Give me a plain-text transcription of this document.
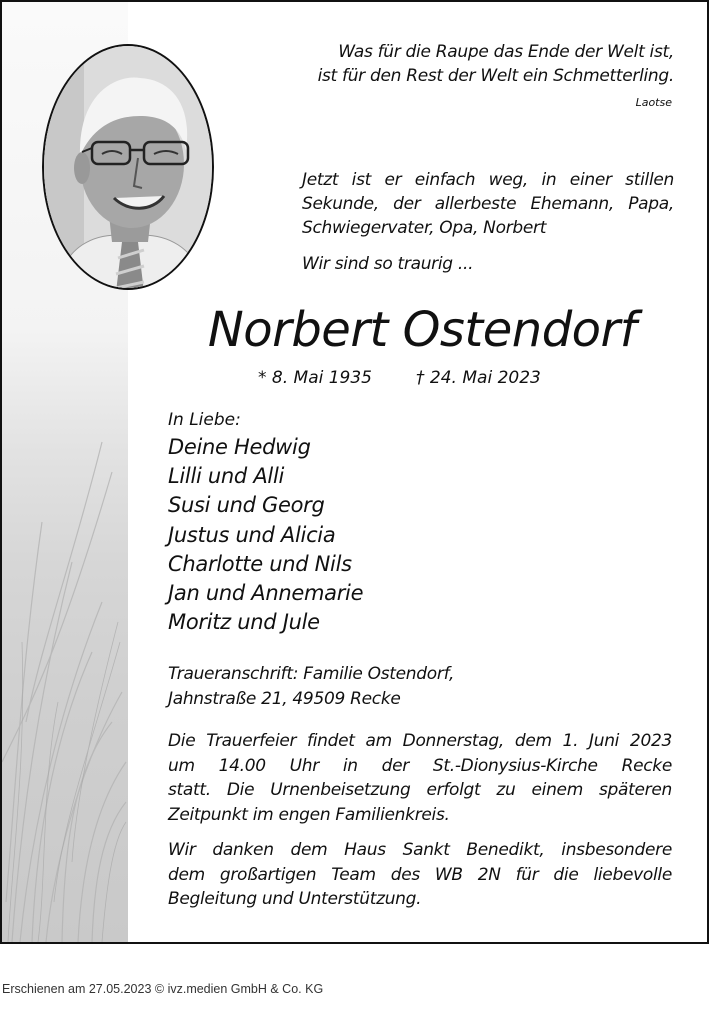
Was für die Raupe das Ende der Welt ist,
ist für den Rest der Welt ein Schmetterling.
Laotse
Jetzt ist er einfach weg, in einer stillen
Sekunde, der allerbeste Ehemann, Papa,
Schwiegervater, Opa, Norbert
Wir sind so traurig ...
Norbert Ostendorf
* 8. Mai 1935	† 24. Mai 2023
In Liebe:
Deine Hedwig
Lilli und Alli
Susi und Georg
Justus und Alicia
Charlotte und Nils
Jan und Annemarie
Moritz und Jule
Traueranschrift: Familie Ostendorf,
Jahnstraße 21, 49509 Recke
Die Trauerfeier findet am Donnerstag, dem 1. Juni 2023
um 14.00 Uhr in der St.-Dionysius-Kirche Recke
statt. Die Urnenbeisetzung erfolgt zu einem späteren
Zeitpunkt im engen Familienkreis.
Wir danken dem Haus Sankt Benedikt, insbesondere
dem großartigen Team des WB 2N für die liebevolle
Begleitung und Unterstützung.
Erschienen am 27.05.2023 © ivz.medien GmbH & Co. KG
